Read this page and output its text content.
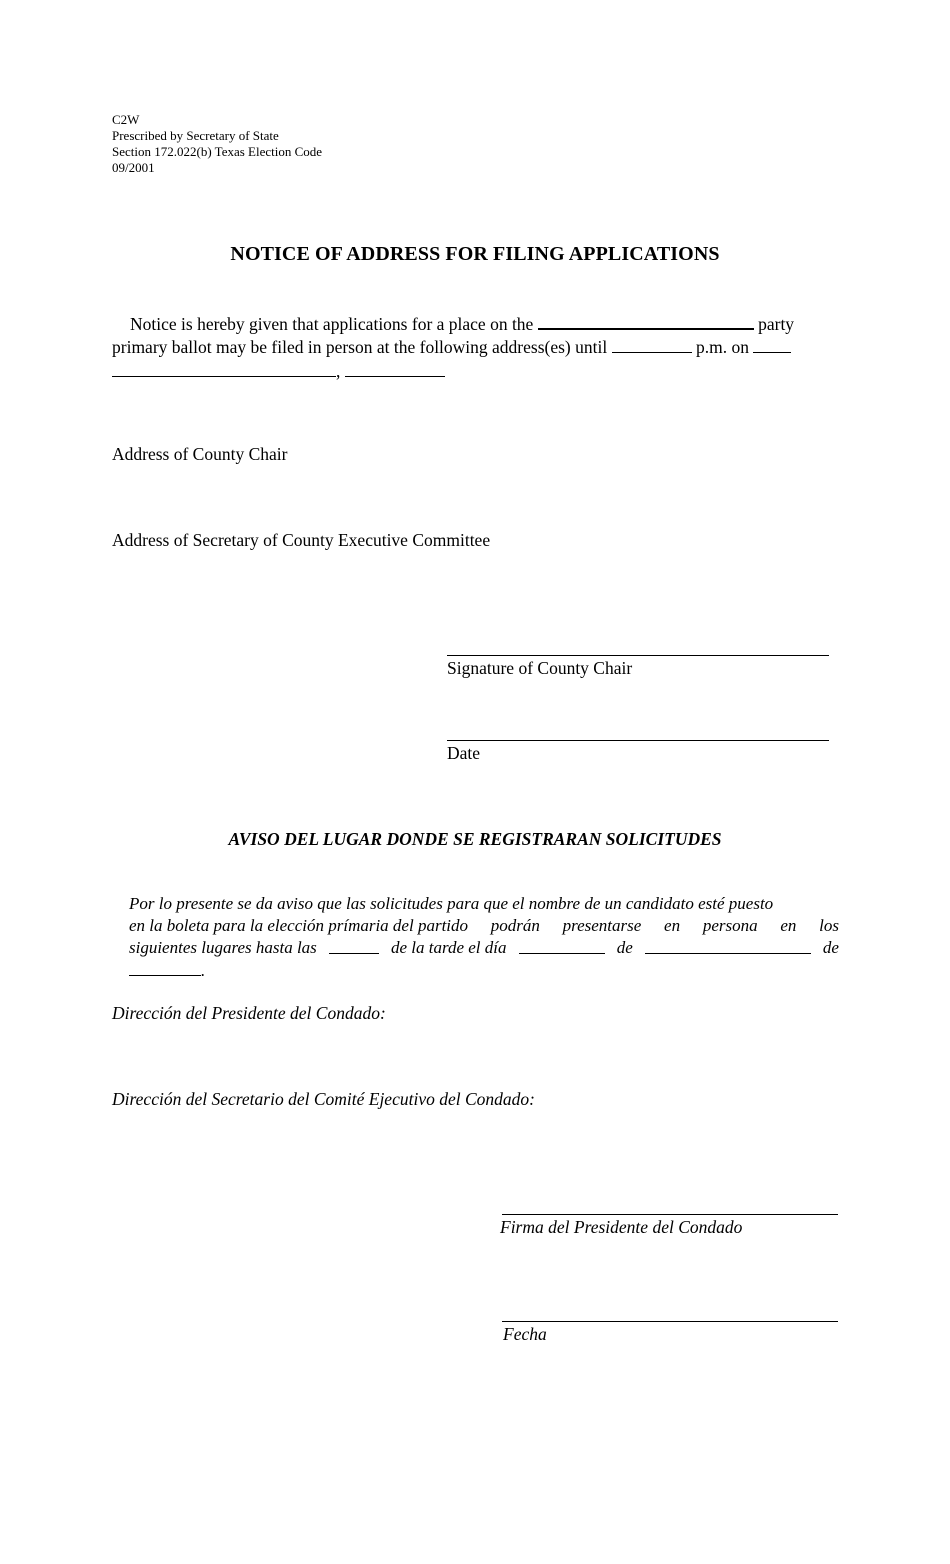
C2W
Prescribed by Secretary of State
Section 172.022(b) Texas Election Code
09/2001
NOTICE OF ADDRESS FOR FILING APPLICATIONS
Notice is hereby given that applications for a place on the	party
primary ballot may be filed in person at the following address(es) until	p.m. on
,
Address of County Chair
Address of Secretary of County Executive Committee
Signature of County Chair
Date
AVISO DEL LUGAR DONDE SE REGISTRARAN SOLICITUDES
Por lo presente se da aviso que las solicitudes para que el nombre de un candidato esté puesto
en la boleta para la elección prímaria del partido podrán presentarse en persona en los
siguientes lugares hasta las	de la tarde el día	de	de
.
Dirección del Presidente del Condado:
Dirección del Secretario del Comité Ejecutivo del Condado:
Firma del Presidente del Condado
Fecha
